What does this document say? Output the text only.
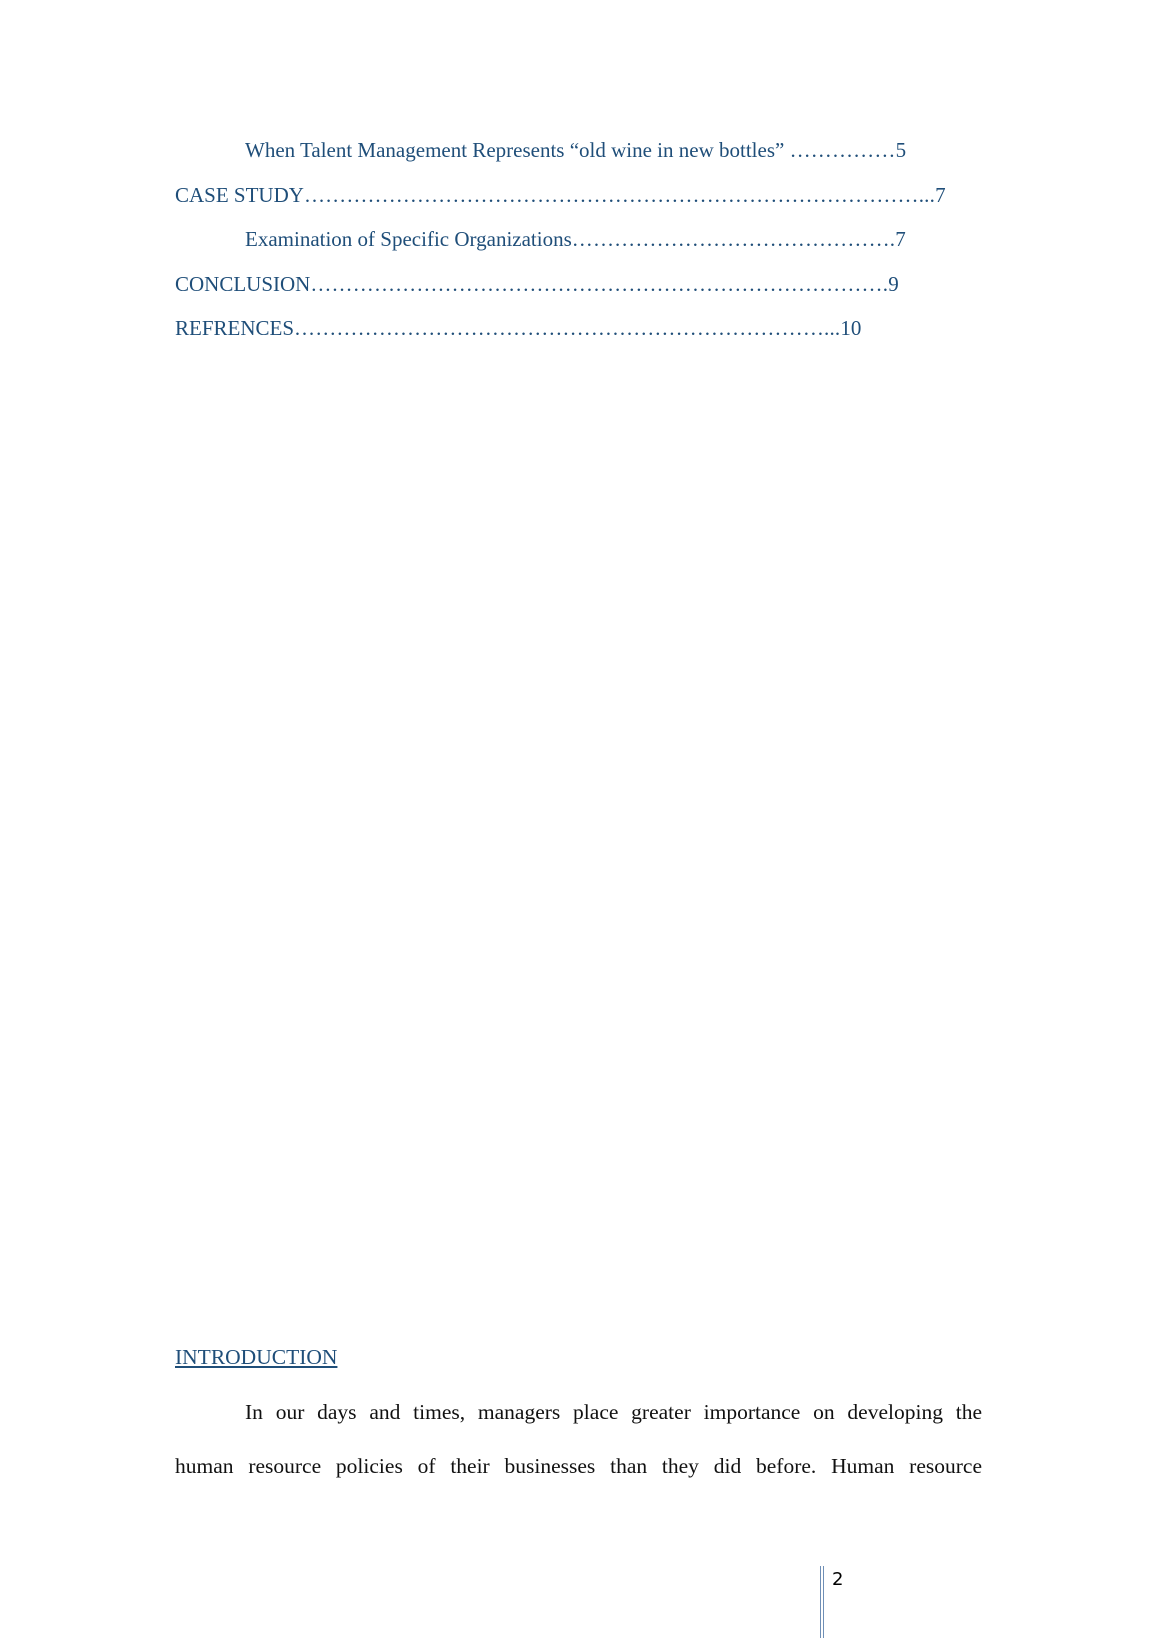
When Talent Management Represents “old wine in new bottles” ……………5
CASE STUDY……………………………………………………………………………...7
Examination of Specific Organizations……………………………………….7
CONCLUSION……………………………………………………………………….9
REFRENCES…………………………………………………………………...10
INTRODUCTION

In our days and times, managers place greater importance on developing the
human resource policies of their businesses than they did before. Human resource

2
